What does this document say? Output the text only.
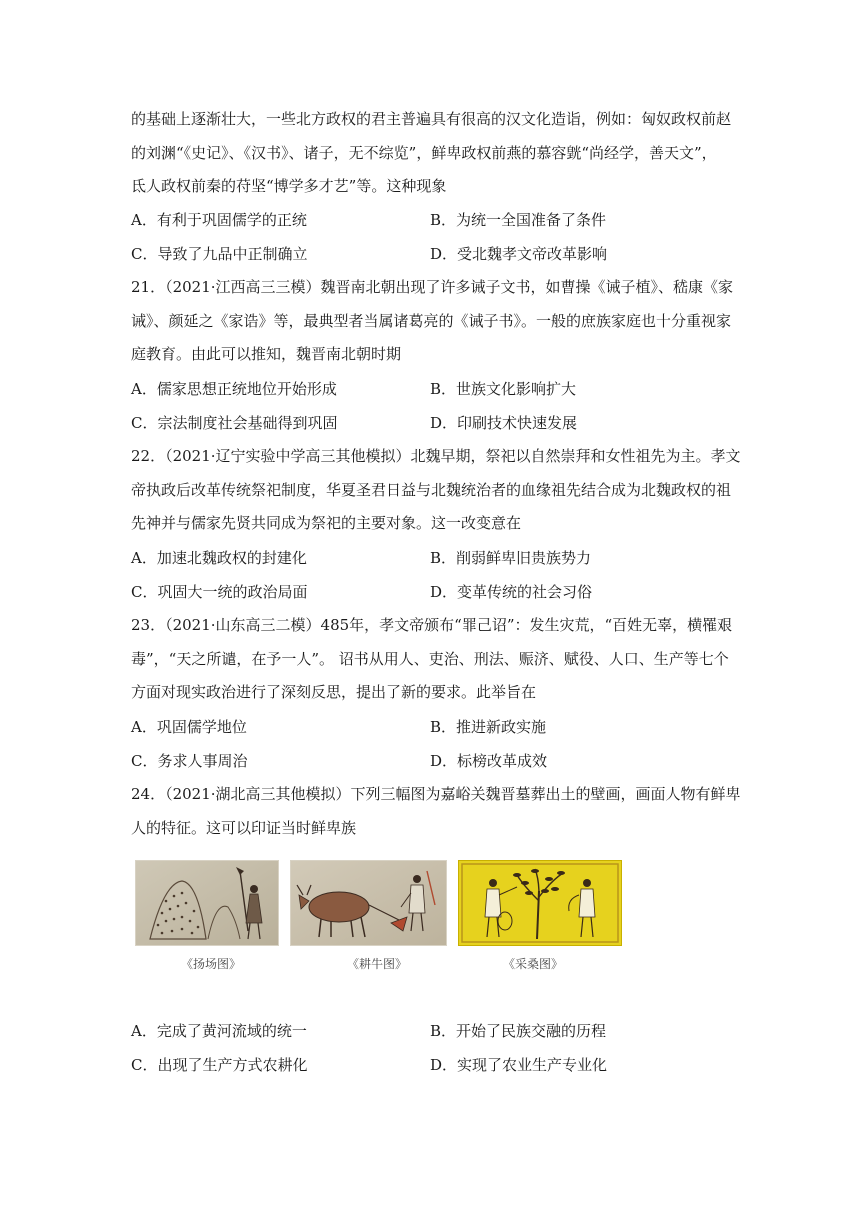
的基础上逐渐壮大，一些北方政权的君主普遍具有很高的汉文化造诣，例如：匈奴政权前赵
的刘渊“《史记》、《汉书》、诸子，无不综览”，鲜卑政权前燕的慕容皝“尚经学，善天文”，
氐人政权前秦的苻坚“博学多才艺”等。这种现象
A．有利于巩固儒学的正统	B．为统一全国准备了条件
C．导致了九品中正制确立	D．受北魏孝文帝改革影响
21．（2021·江西高三三模）魏晋南北朝出现了许多诫子文书，如曹操《诫子植》、嵇康《家
诫》、颜延之《家诰》等，最典型者当属诸葛亮的《诫子书》。一般的庶族家庭也十分重视家
庭教育。由此可以推知，魏晋南北朝时期
A．儒家思想正统地位开始形成	B．世族文化影响扩大
C．宗法制度社会基础得到巩固	D．印刷技术快速发展
22．（2021·辽宁实验中学高三其他模拟）北魏早期，祭祀以自然崇拜和女性祖先为主。孝文
帝执政后改革传统祭祀制度，华夏圣君日益与北魏统治者的血缘祖先结合成为北魏政权的祖
先神并与儒家先贤共同成为祭祀的主要对象。这一改变意在
A．加速北魏政权的封建化	B．削弱鲜卑旧贵族势力
C．巩固大一统的政治局面	D．变革传统的社会习俗
23．（2021·山东高三二模）485年，孝文帝颁布“罪己诏”：发生灾荒，“百姓无辜，横罹艰
毒”，“天之所谴，在予一人”。 诏书从用人、吏治、刑法、赈济、赋役、人口、生产等七个
方面对现实政治进行了深刻反思，提出了新的要求。此举旨在
A．巩固儒学地位	B．推进新政实施
C．务求人事周治	D．标榜改革成效
24．（2021·湖北高三其他模拟）下列三幅图为嘉峪关魏晋墓葬出土的壁画，画面人物有鲜卑
人的特征。这可以印证当时鲜卑族
《扬场图》	《耕牛图》	《采桑图》
A．完成了黄河流域的统一	B．开始了民族交融的历程
C．出现了生产方式农耕化	D．实现了农业生产专业化
